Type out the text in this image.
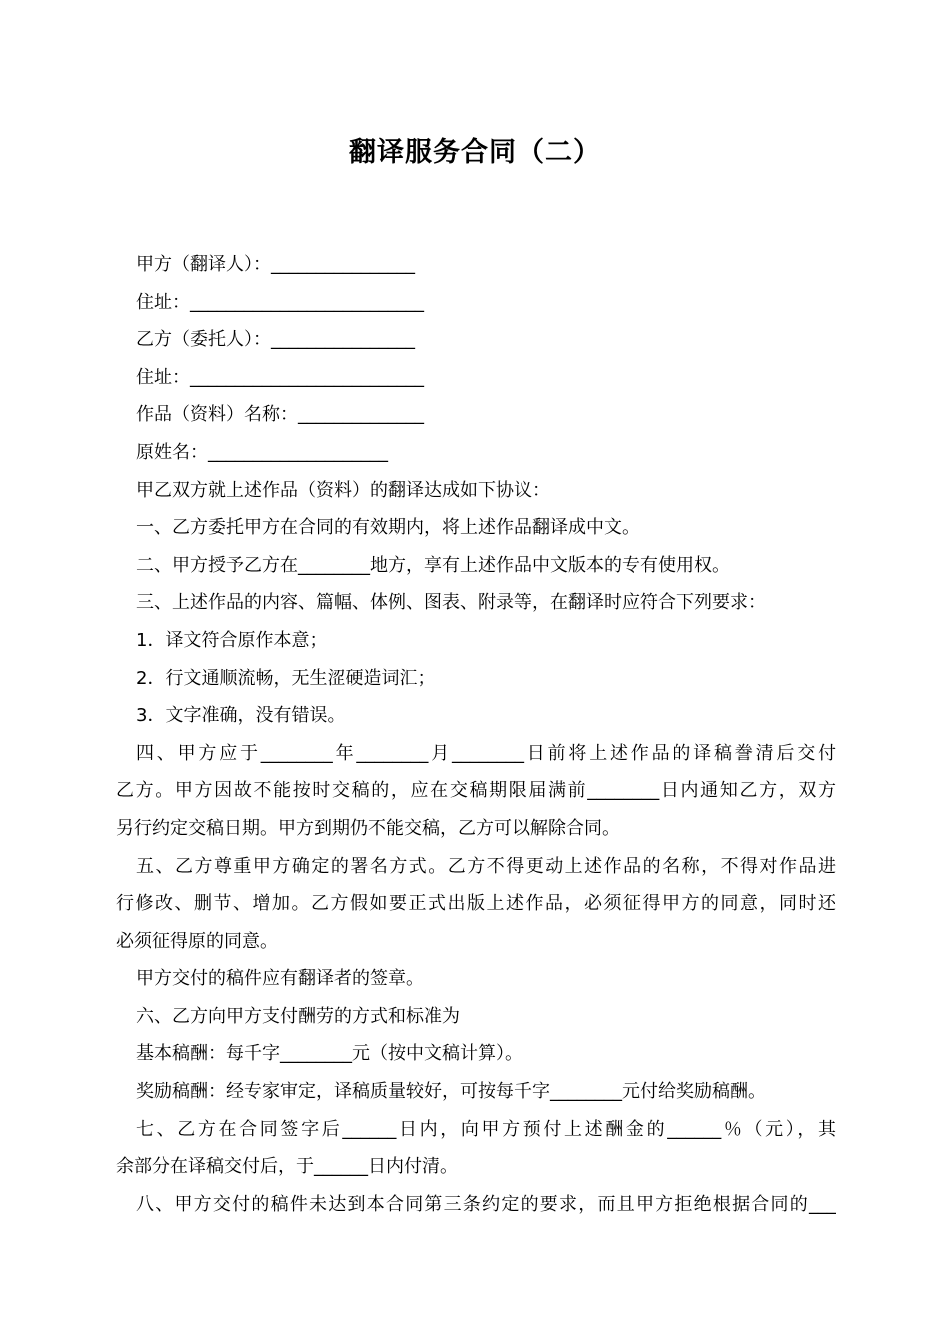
翻译服务合同（二）
甲方（翻译人）：________________
住址：__________________________
乙方（委托人）：________________
住址：__________________________
作品（资料）名称：______________
原姓名：____________________
甲乙双方就上述作品（资料）的翻译达成如下协议：
一、乙方委托甲方在合同的有效期内，将上述作品翻译成中文。
二、甲方授予乙方在________地方，享有上述作品中文版本的专有使用权。
三、上述作品的内容、篇幅、体例、图表、附录等，在翻译时应符合下列要求：
1．译文符合原作本意；
2．行文通顺流畅，无生涩硬造词汇；
3．文字准确，没有错误。
四、甲方应于________年________月________日前将上述作品的译稿誊清后交付
乙方。甲方因故不能按时交稿的，应在交稿期限届满前________日内通知乙方，双方
另行约定交稿日期。甲方到期仍不能交稿，乙方可以解除合同。
五、乙方尊重甲方确定的署名方式。乙方不得更动上述作品的名称，不得对作品进
行修改、删节、增加。乙方假如要正式出版上述作品，必须征得甲方的同意，同时还
必须征得原的同意。
甲方交付的稿件应有翻译者的签章。
六、乙方向甲方支付酬劳的方式和标准为
基本稿酬：每千字________元（按中文稿计算）。
奖励稿酬：经专家审定，译稿质量较好，可按每千字________元付给奖励稿酬。
七、乙方在合同签字后______日内，向甲方预付上述酬金的______％（元），其
余部分在译稿交付后，于______日内付清。
八、甲方交付的稿件未达到本合同第三条约定的要求，而且甲方拒绝根据合同的___
